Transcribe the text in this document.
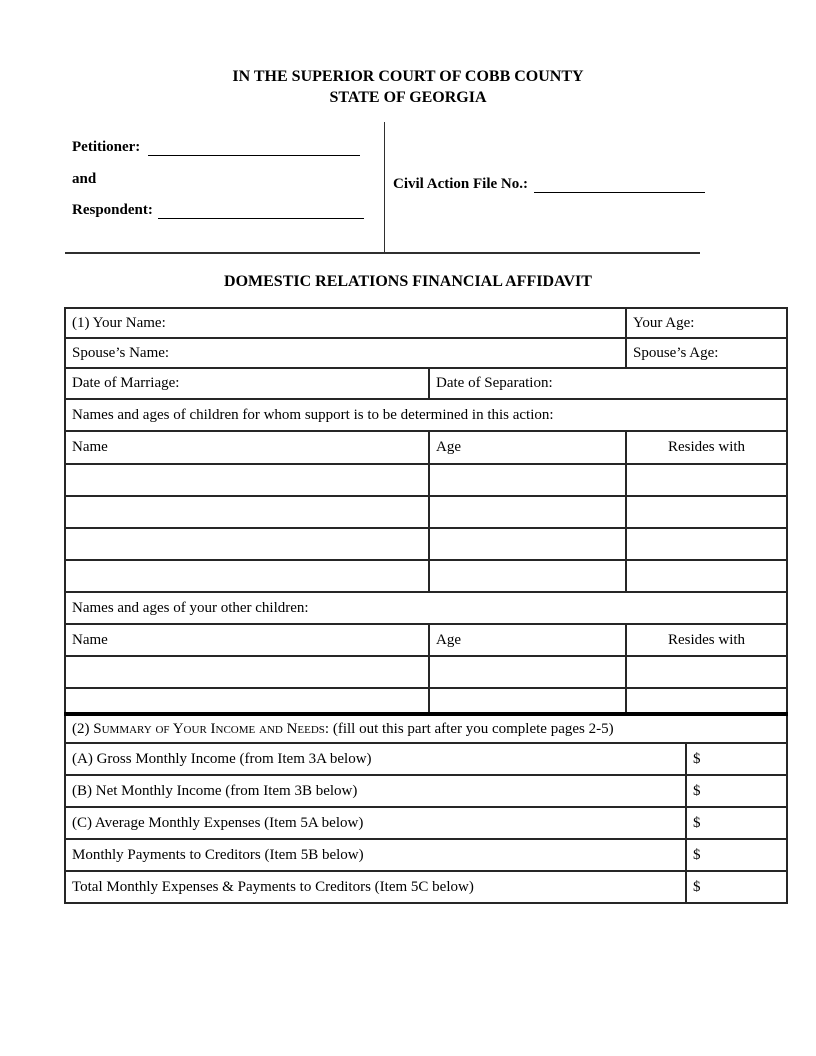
IN THE SUPERIOR COURT OF COBB COUNTY
STATE OF GEORGIA
Petitioner:
and
Respondent:
Civil Action File No.:
DOMESTIC RELATIONS FINANCIAL AFFIDAVIT
(1) Your Name:		Your Age:	
Spouse’s Name:		Spouse’s Age:	
Date of Marriage:	Date of Separation:		
Names and ages of children for whom support is to be determined in this action:			
Name	Age	Resides with	

Names and ages of your other children:			
Name	Age	Resides with	

(2) Summary of Your Income and Needs: (fill out this part after you complete pages 2-5)			
(A) Gross Monthly Income (from Item 3A below)			$
(B) Net Monthly Income (from Item 3B below)			$
(C) Average Monthly Expenses (Item 5A below)			$
Monthly Payments to Creditors (Item 5B below)			$
Total Monthly Expenses & Payments to Creditors (Item 5C below)			$
